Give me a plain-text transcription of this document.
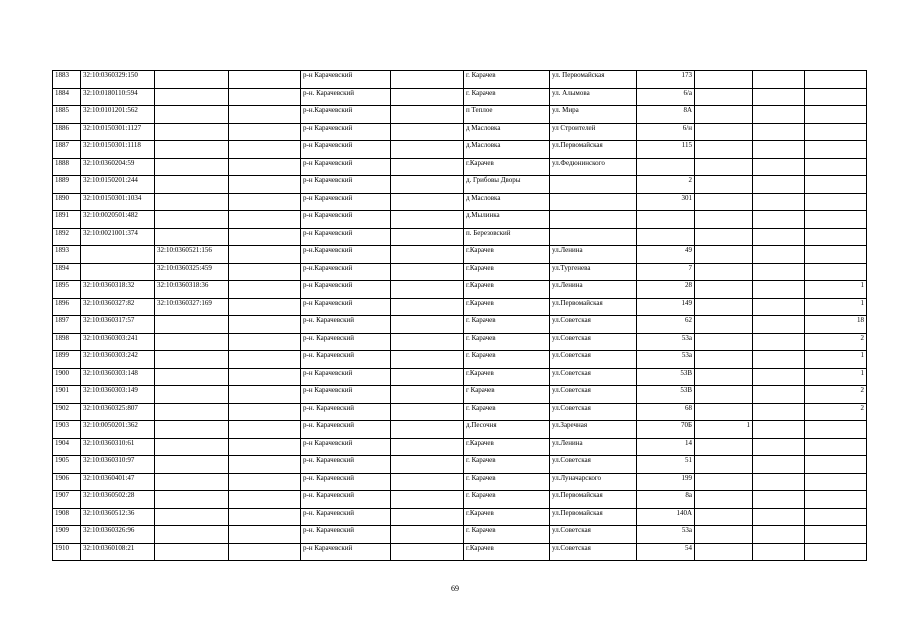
1883	32:10:0360329:150			р-н Карачевский		г. Карачев	ул. Первомайская	173			
1884	32:10:0180110:594			р-н. Карачевский		г. Карачев	ул. Алымова	6/а			
1885	32:10:0101201:562			р-н.Карачевский		п Теплое	ул. Мира	8А			
1886	32:10:0150301:1127			р-н Карачевский		д Масловка	ул Строителей	6/н			
1887	32:10:0150301:1118			р-н Карачевский		д.Масловка	ул.Первомайская	115			
1888	32:10:0360204:59			р-н Карачевский		г.Карачев	ул.Федюнинского				
1889	32:10:0150201:244			р-н Карачевский		д. Грибовы Дворы		2			
1890	32:10:0150301:1034			р-н Карачевский		д Масловка		301			
1891	32:10:0020501:482			р-н Карачевский		д.Мылинка					
1892	32:10:0021001:374			р-н Карачевский		п. Березовский					
1893		32:10:0360521:156		р-н.Карачевский		г.Карачев	ул.Ленина	49			
1894		32:10:0360325:459		р-н.Карачевский		г.Карачев	ул.Тургенева	7			
1895	32:10:0360318:32	32:10:0360318:36		р-н Карачевский		г.Карачев	ул.Ленина	28			1
1896	32:10:0360327:82	32:10:0360327:169		р-н Карачевский		г.Карачев	ул.Первомайская	149			1
1897	32:10:0360317:57			р-н. Карачевский		г. Карачев	ул.Советская	62			18
1898	32:10:0360303:241			р-н. Карачевский		г. Карачев	ул.Советская	53а			2
1899	32:10:0360303:242			р-н. Карачевский		г. Карачев	ул.Советская	53а			1
1900	32:10:0360303:148			р-н Карачевский		г.Карачев	ул.Советская	53В			1
1901	32:10:0360303:149			р-н Карачевский		г Карачев	ул.Советская	53В			2
1902	32:10:0360325:807			р-н. Карачевский		г. Карачев	ул.Советская	68			2
1903	32:10:0050201:362			р-н. Карачевский		д.Песочня	ул.Заречная	70Б	1		
1904	32:10:0360310:61			р-н Карачевский		г.Карачев	ул.Ленина	14			
1905	32:10:0360310:97			р-н. Карачевский		г. Карачев	ул.Советская	51			
1906	32:10:0360401:47			р-н. Карачевский		г. Карачев	ул.Луначарского	199			
1907	32:10:0360502:28			р-н. Карачевский		г. Карачев	ул.Первомайская	8а			
1908	32:10:0360512:36			р-н. Карачевский		г.Карачев	ул.Первомайская	140А			
1909	32:10:0360326:96			р-н. Карачевский		г. Карачев	ул.Советская	53а			
1910	32:10:0360108:21			р-н Карачевский		г.Карачев	ул.Советская	54			
69
